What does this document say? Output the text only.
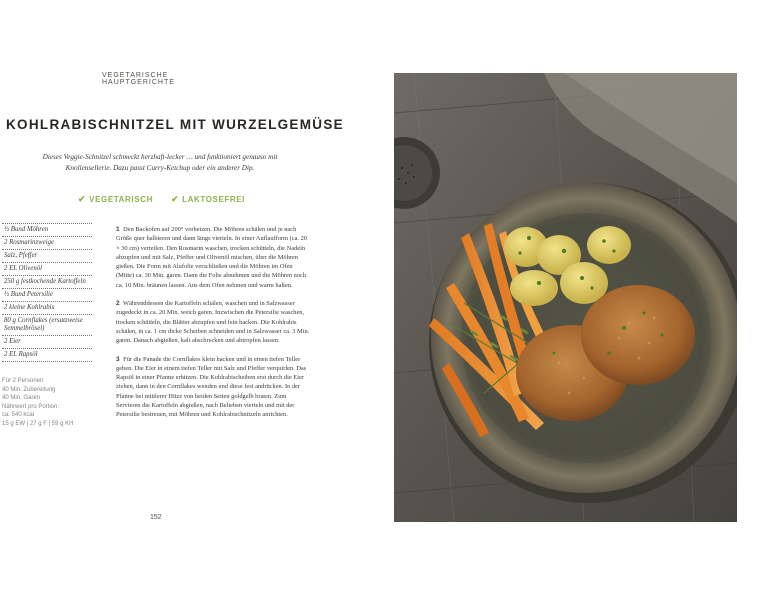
VEGETARISCHE HAUPTGERICHTE
KOHLRABISCHNITZEL MIT WURZELGEMÜSE
Dieses Veggie-Schnitzel schmeckt herzhaft-lecker … und funktioniert genauso mit Knollensellerie. Dazu passt Curry-Ketchup oder ein anderer Dip.
✔ VEGETARISCH ✔ LAKTOSEFREI
½ Bund Möhren
2 Rosmarinzweige
Salz, Pfeffer
2 EL Olivenöl
250 g festkochende Kartoffeln
½ Bund Petersilie
2 kleine Kohlrabis
80 g Cornflakes (ersatzweise Semmelbrösel)
2 Eier
2 EL Rapsöl
Für 2 Personen
40 Min. Zubereitung
40 Min. Garen
Nährwert pro Portion:
ca. 540 kcal
15 g EW | 27 g F | 59 g KH

1 Den Backofen auf 200° vorheizen. Die Möhren schälen und je nach Größe quer halbieren und dann längs vierteln. In einer Auflaufform (ca. 20 × 30 cm) verteilen. Den Rosmarin waschen, trocken schütteln, die Nadeln abzupfen und mit Salz, Pfeffer und Olivenöl mischen, über die Möhren gießen. Die Form mit Alufolie verschließen und die Möhren im Ofen (Mitte) ca. 30 Min. garen. Dann die Folie abnehmen und die Möhren noch ca. 10 Min. bräunen lassen. Aus dem Ofen nehmen und warm halten.

2 Währenddessen die Kartoffeln schälen, waschen und in Salzwasser zugedeckt in ca. 20 Min. weich garen. Inzwischen die Petersilie waschen, trocken schütteln, die Blätter abzupfen und fein hacken. Die Kohlrabis schälen, in ca. 1 cm dicke Scheiben schneiden und in Salzwasser ca. 3 Min. garen. Danach abgießen, kalt abschrecken und abtropfen lassen.

3 Für die Panade die Cornflakes klein hacken und in einen tiefen Teller geben. Die Eier in einem tiefen Teller mit Salz und Pfeffer verquirlen. Das Rapsöl in einer Pfanne erhitzen. Die Kohlrabischeiben erst durch die Eier ziehen, dann in den Cornflakes wenden und diese fest andrücken. In der Pfanne bei mittlerer Hitze von beiden Seiten goldgelb braten. Zum Servieren die Kartoffeln abgießen, nach Belieben vierteln und mit der Petersilie bestreuen, mit Möhren und Kohlrabischnitzeln anrichten.

152
